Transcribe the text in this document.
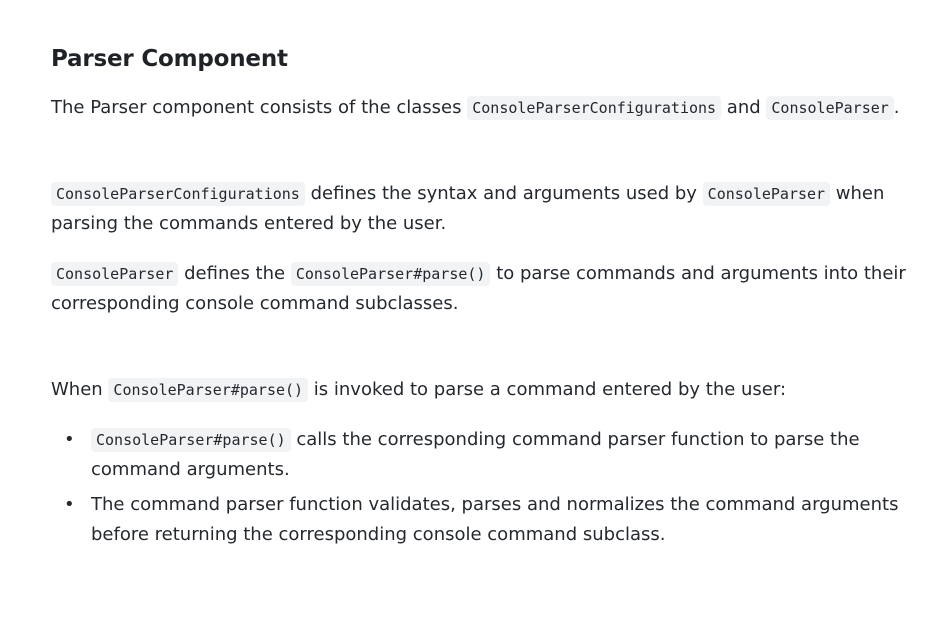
Parser Component

The Parser component consists of the classes ConsoleParserConfigurations and ConsoleParser .

ConsoleParserConfigurations defines the syntax and arguments used by ConsoleParser when parsing the commands entered by the user.

ConsoleParser defines the ConsoleParser#parse() to parse commands and arguments into their corresponding console command subclasses.

When ConsoleParser#parse() is invoked to parse a command entered by the user:

• ConsoleParser#parse() calls the corresponding command parser function to parse the command arguments.
• The command parser function validates, parses and normalizes the command arguments before returning the corresponding console command subclass.
